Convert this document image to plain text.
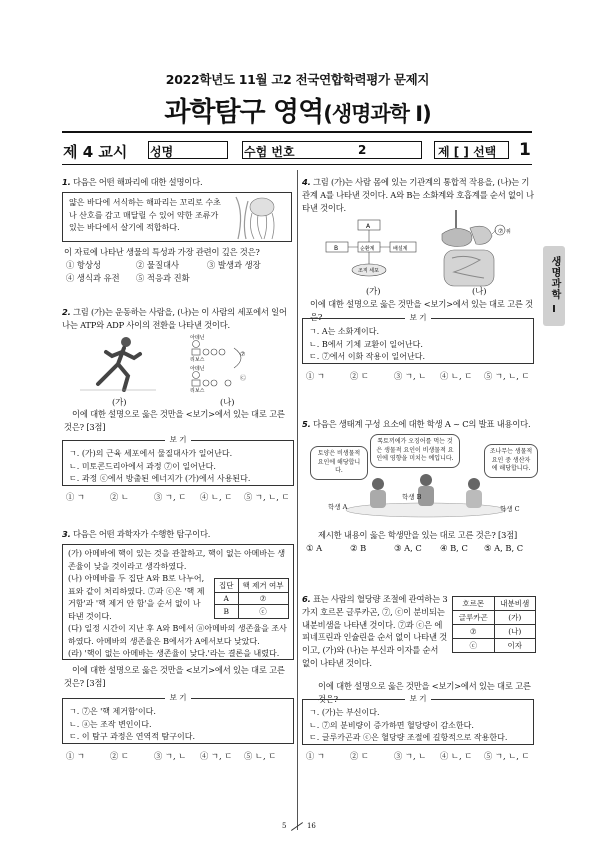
2022학년도 11월 고2 전국연합학력평가 문제지
과학탐구 영역(생명과학 Ⅰ)
제 4 교시 성명	수험 번호	2	제 [ ] 선택 1
생명과학
Ⅰ
1. 다음은 어떤 해파리에 대한 설명이다.
얇은 바다에 서식하는 해파리는 꼬리로 수초나 산호를 감고 매달릴 수 있어 약한 조류가 있는 바다에서 살기에 적합하다.
이 자료에 나타난 생물의 특성과 가장 관련이 깊은 것은?
① 항상성	② 물질대사	③ 발생과 생장
④ 생식과 유전 ⑤ 적응과 진화
2. 그림 (가)는 운동하는 사람을, (나)는 이 사람의 세포에서 일어나는 ATP와 ADP 사이의 전환을 나타낸 것이다.
아데닌
리보스
⑦
아데닌
리보스
Ⓒ
(가)	(나)
이에 대한 설명으로 옳은 것만을 <보기>에서 있는 대로 고른 것은? [3점]
보 기
ㄱ. (가)의 근육 세포에서 물질대사가 일어난다.
ㄴ. 미토콘드리아에서 과정 ⑦이 일어난다.
ㄷ. 과정 ⓒ에서 방출된 에너지가 (가)에서 사용된다.
① ㄱ	② ㄴ	③ ㄱ, ㄷ ④ ㄴ, ㄷ ⑤ ㄱ, ㄴ, ㄷ
3. 다음은 어떤 과학자가 수행한 탐구이다.
(가) 아메바에 핵이 있는 것을 관찰하고, 핵이 없는 아메바는 생존율이 낮을 것이라고 생각하였다.
(나) 아메바를 두 집단 A와 B로 나누어, 표와 같이 처리하였다. ⑦과 ⓒ은 '핵 제거함'과 '핵 제거 안 함'을 순서 없이 나타낸 것이다.
(다) 일정 시간이 지난 후 A와 B에서 ⓐ아메바의 생존율을 조사하였다. 아메바의 생존율은 B에서가 A에서보다 낮았다.
(라) '핵이 없는 아메바는 생존율이 낮다.'라는 결론을 내렸다.
집단	핵 제거 여부
A	⑦
B	ⓒ
이에 대한 설명으로 옳은 것만을 <보기>에서 있는 대로 고른 것은? [3점]
보 기
ㄱ. ⑦은 '핵 제거함'이다.
ㄴ. ⓐ는 조작 변인이다.
ㄷ. 이 탐구 과정은 연역적 탐구이다.
① ㄱ	② ㄷ	③ ㄱ, ㄴ ④ ㄱ, ㄷ ⑤ ㄴ, ㄷ
4. 그림 (가)는 사람 몸에 있는 기관계의 통합적 작용을, (나)는 기관계 A를 나타낸 것이다. A와 B는 소화계와 호흡계를 순서 없이 나타낸 것이다.
A
B	순환계	배설계
조직 세포
⑦ 위
(가)	(나)
이에 대한 설명으로 옳은 것만을 <보기>에서 있는 대로 고른 것은?	보 기
ㄱ. A는 소화계이다.
ㄴ. B에서 기체 교환이 일어난다.
ㄷ. ⑦에서 이화 작용이 일어난다.
① ㄱ	② ㄷ	③ ㄱ, ㄴ ④ ㄴ, ㄷ ⑤ ㄱ, ㄴ, ㄷ
5. 다음은 생태계 구성 요소에 대한 학생 A ~ C의 발표 내용이다.
토양은 비생물적 요인에 해당합니다.
톡토끼에가 오징어를 먹는 것은 생물적 요인이 비생물적 요인에 영향을 미치는 예입니다.
조나무는 생물적 요인 중 생산자에 해당합니다.
학생 A
학생 B
학생 C
제시한 내용이 옳은 학생만을 있는 대로 고른 것은? [3점]
① A	② B	③ A, C ④ B, C ⑤ A, B, C
6. 표는 사람의 혈당량 조절에 관여하는 3가지 호르몬 글루카곤, ⑦, ⓒ이 분비되는 내분비샘을 나타낸 것이다. ⑦과 ⓒ은 에피네프린과 인슐린을 순서 없이 나타낸 것이고, (가)와 (나)는 부신과 이자를 순서 없이 나타낸 것이다.
호르몬	내분비샘
글루카곤	(가)
⑦	(나)
ⓒ	이자
이에 대한 설명으로 옳은 것만을 <보기>에서 있는 대로 고른 것은?	보 기
ㄱ. (가)는 부신이다.
ㄴ. ⑦의 분비량이 증가하면 혈당량이 감소한다.
ㄷ. 글루카곤과 ⓒ은 혈당량 조절에 길항적으로 작용한다.
① ㄱ	② ㄷ	③ ㄱ, ㄴ ④ ㄴ, ㄷ ⑤ ㄱ, ㄴ, ㄷ
5	16
